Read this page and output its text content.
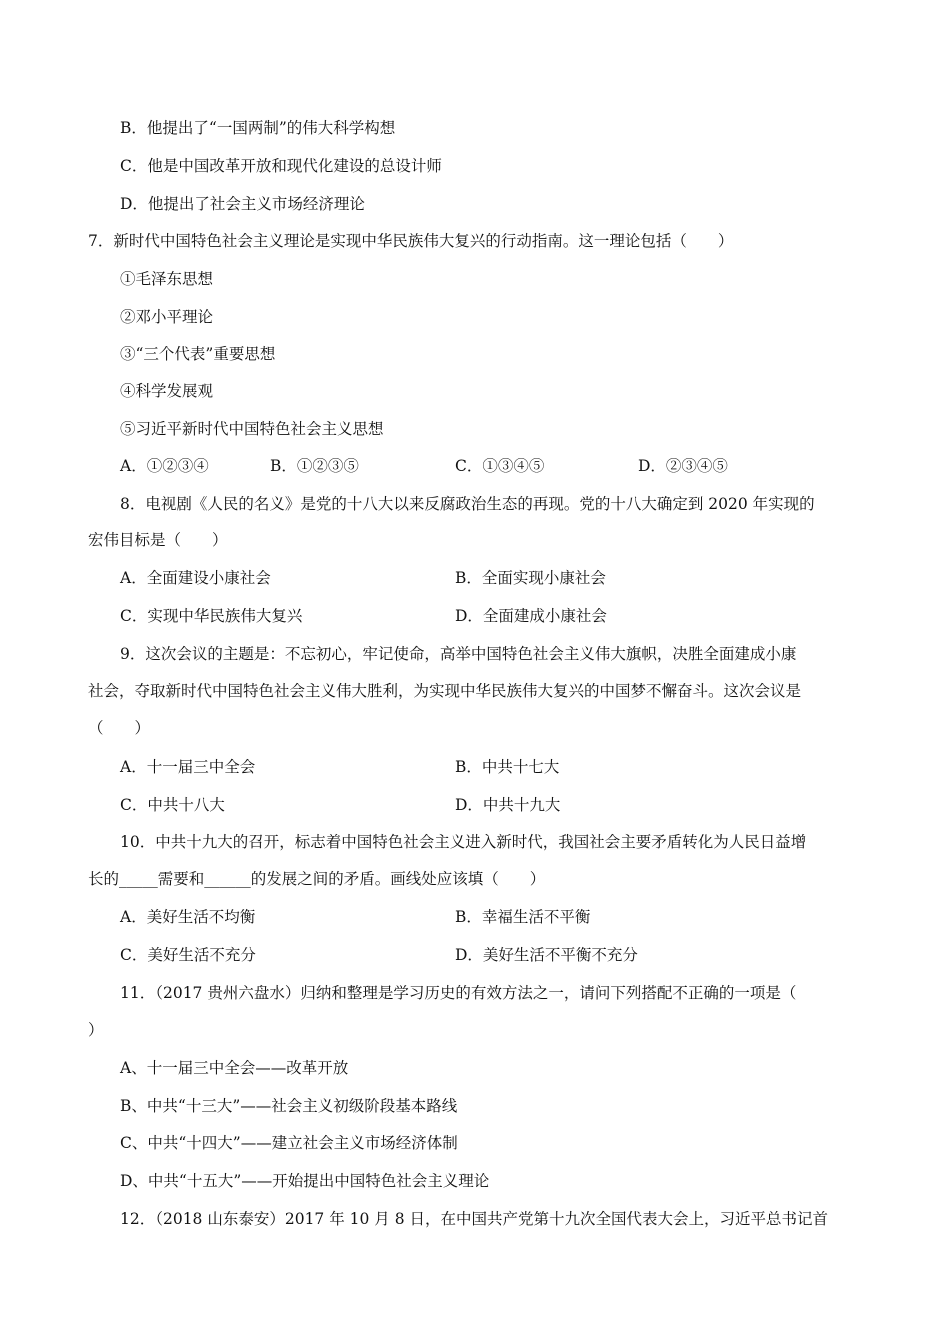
B．他提出了“一国两制”的伟大科学构想
C．他是中国改革开放和现代化建设的总设计师
D．他提出了社会主义市场经济理论
7．新时代中国特色社会主义理论是实现中华民族伟大复兴的行动指南。这一理论包括（　　）
①毛泽东思想
②邓小平理论
③“三个代表”重要思想
④科学发展观
⑤习近平新时代中国特色社会主义思想
A．①②③④	B．①②③⑤	C．①③④⑤	D．②③④⑤
8．电视剧《人民的名义》是党的十八大以来反腐政治生态的再现。党的十八大确定到 2020 年实现的
宏伟目标是（　　）
A．全面建设小康社会	B．全面实现小康社会
C．实现中华民族伟大复兴	D．全面建成小康社会
9．这次会议的主题是：不忘初心，牢记使命，高举中国特色社会主义伟大旗帜，决胜全面建成小康
社会，夺取新时代中国特色社会主义伟大胜利，为实现中华民族伟大复兴的中国梦不懈奋斗。这次会议是
（　　）
A．十一届三中全会	B．中共十七大
C．中共十八大	D．中共十九大
10．中共十九大的召开，标志着中国特色社会主义进入新时代，我国社会主要矛盾转化为人民日益增
长的_____需要和______的发展之间的矛盾。画线处应该填（　　）
A．美好生活不均衡	B．幸福生活不平衡
C．美好生活不充分	D．美好生活不平衡不充分
11．（2017 贵州六盘水）归纳和整理是学习历史的有效方法之一，请问下列搭配不正确的一项是（
）
A、十一届三中全会——改革开放
B、中共“十三大”——社会主义初级阶段基本路线
C、中共“十四大”——建立社会主义市场经济体制
D、中共“十五大”——开始提出中国特色社会主义理论
12．（2018 山东泰安）2017 年 10 月 8 日，在中国共产党第十九次全国代表大会上，习近平总书记首
